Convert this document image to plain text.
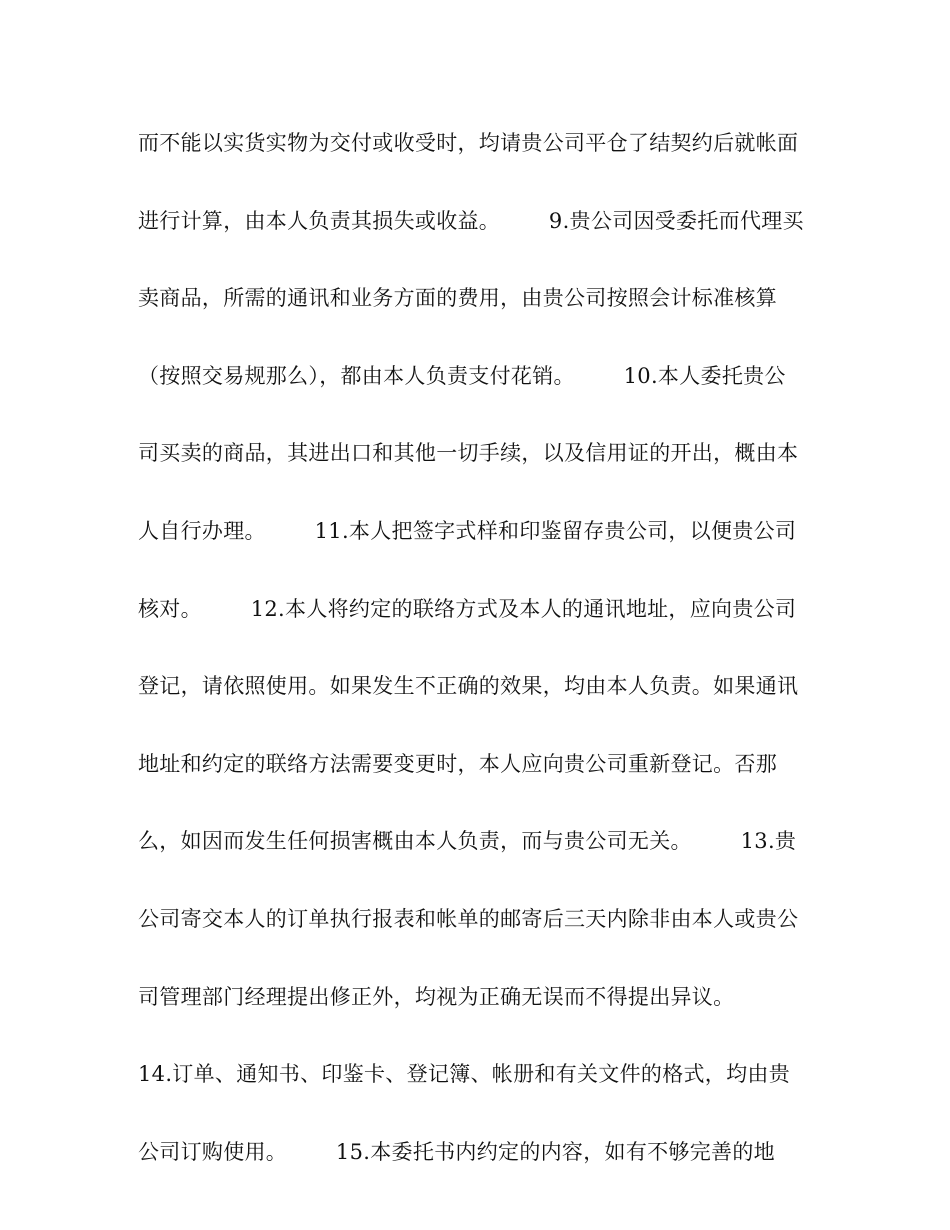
而不能以实货实物为交付或收受时，均请贵公司平仓了结契约后就帐面
进行计算，由本人负责其损失或收益。       9.贵公司因受委托而代理买
卖商品，所需的通讯和业务方面的费用，由贵公司按照会计标准核算
（按照交易规那么），都由本人负责支付花销。       10.本人委托贵公
司买卖的商品，其进出口和其他一切手续，以及信用证的开出，概由本
人自行办理。       11.本人把签字式样和印鉴留存贵公司，以便贵公司
核对。       12.本人将约定的联络方式及本人的通讯地址，应向贵公司
登记，请依照使用。如果发生不正确的效果，均由本人负责。如果通讯
地址和约定的联络方法需要变更时，本人应向贵公司重新登记。否那
么，如因而发生任何损害概由本人负责，而与贵公司无关。       13.贵
公司寄交本人的订单执行报表和帐单的邮寄后三天内除非由本人或贵公
司管理部门经理提出修正外，均视为正确无误而不得提出异议。
14.订单、通知书、印鉴卡、登记簿、帐册和有关文件的格式，均由贵
公司订购使用。       15.本委托书内约定的内容，如有不够完善的地
